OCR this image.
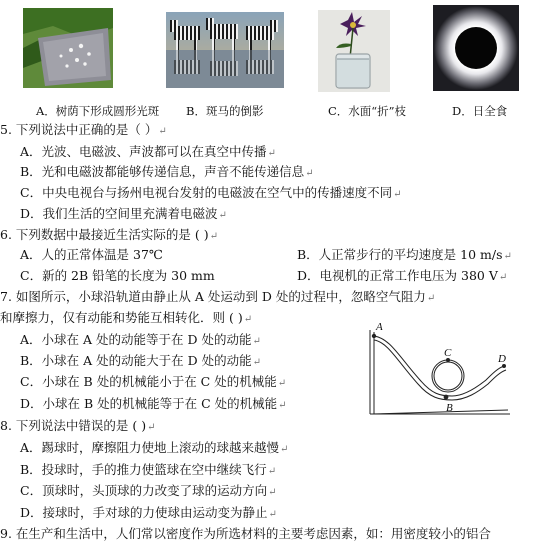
A．树荫下形成圆形光斑 B．斑马的倒影	C．水面“折”枝	D．日全食
5. 下列说法中正确的是（ ）↵
A．光波、电磁波、声波都可以在真空中传播↵
B．光和电磁波都能够传递信息，声音不能传递信息↵
C．中央电视台与扬州电视台发射的电磁波在空气中的传播速度不同↵
D．我们生活的空间里充满着电磁波↵
6. 下列数据中最接近生活实际的是 ( )↵
A．人的正常体温是 37℃	B．人正常步行的平均速度是 10 m/s↵
C．新的 2B 铅笔的长度为 30 mm	D．电视机的正常工作电压为 380 V↵
7. 如图所示，小球沿轨道由静止从 A 处运动到 D 处的过程中，忽略空气阻力↵
和摩擦力，仅有动能和势能互相转化．则 ( )↵
A．小球在 A 处的动能等于在 D 处的动能↵
B．小球在 A 处的动能大于在 D 处的动能↵
C．小球在 B 处的机械能小于在 C 处的机械能↵
D．小球在 B 处的机械能等于在 C 处的机械能↵
A
C
B
D
8. 下列说法中错误的是 ( )↵
A．踢球时，摩擦阻力使地上滚动的球越来越慢↵
B．投球时，手的推力使篮球在空中继续飞行↵
C．顶球时，头顶球的力改变了球的运动方向↵
D．接球时，手对球的力使球由运动变为静止↵
9. 在生产和生活中，人们常以密度作为所选材料的主要考虑因素，如：用密度较小的铝合
